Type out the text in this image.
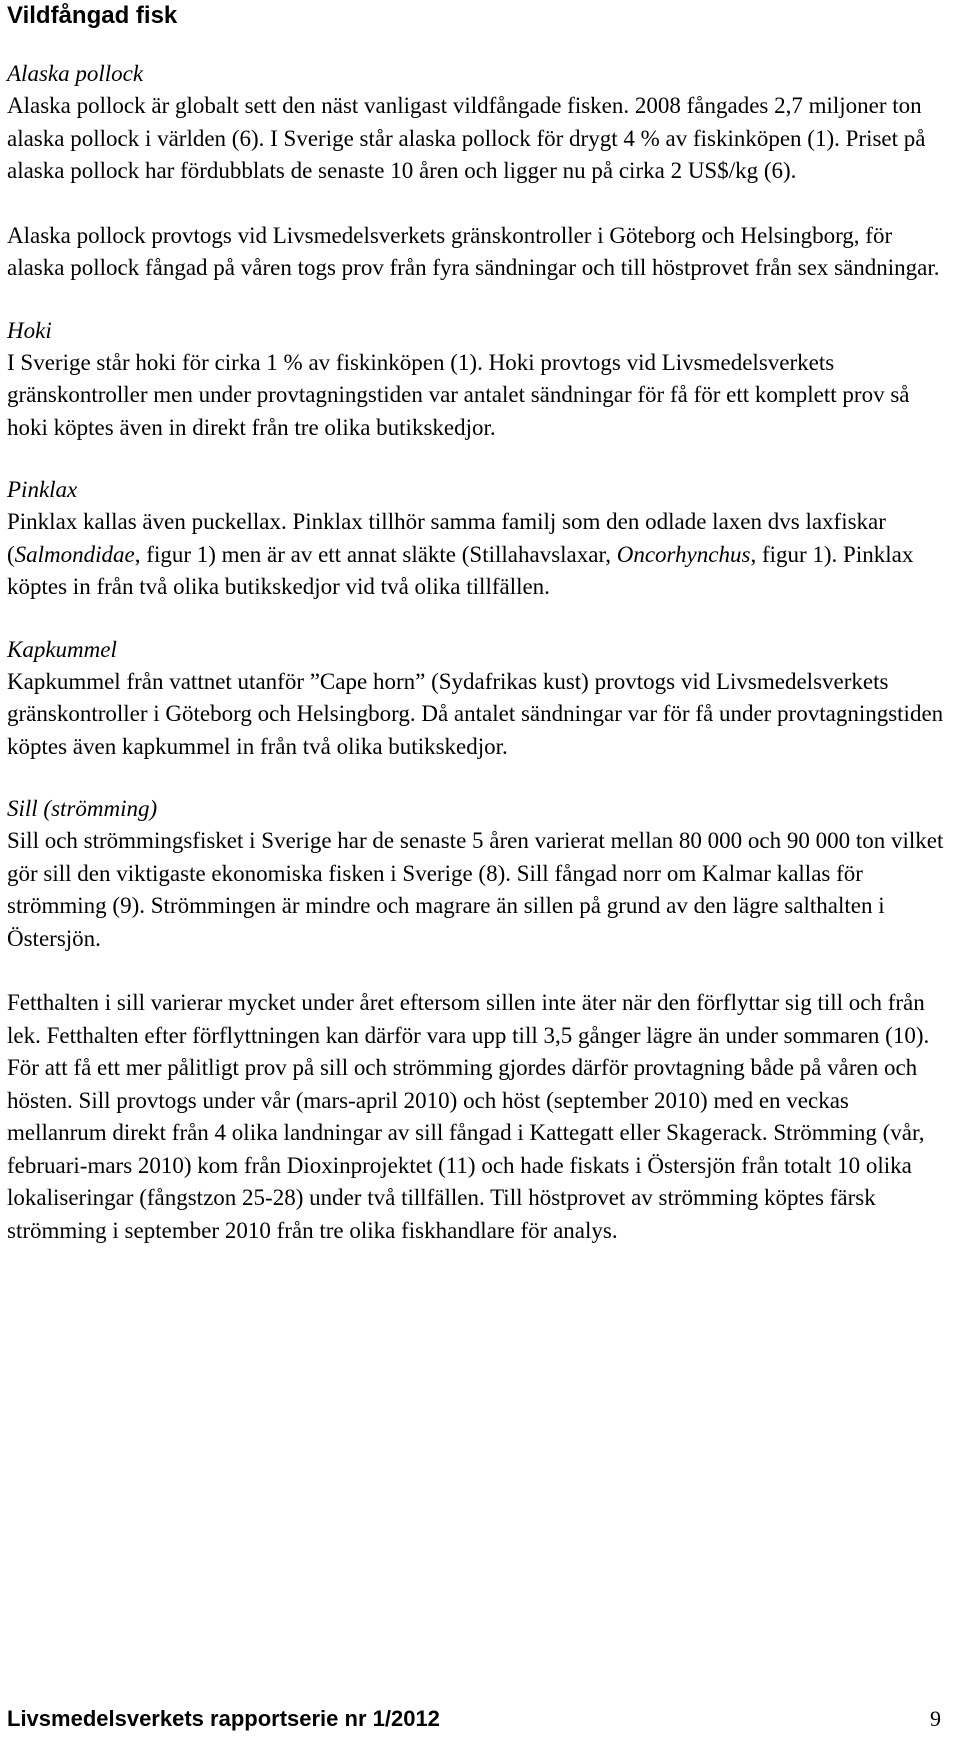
Vildfångad fisk
Alaska pollock

Alaska pollock är globalt sett den näst vanligast vildfångade fisken. 2008 fångades 2,7 miljoner ton alaska pollock i världen (6). I Sverige står alaska pollock för drygt 4 % av fiskinköpen (1). Priset på alaska pollock har fördubblats de senaste 10 åren och ligger nu på cirka 2 US$/kg (6).

Alaska pollock provtogs vid Livsmedelsverkets gränskontroller i Göteborg och Helsingborg, för alaska pollock fångad på våren togs prov från fyra sändningar och till höstprovet från sex sändningar.

Hoki

I Sverige står hoki för cirka 1 % av fiskinköpen (1). Hoki provtogs vid Livsmedelsverkets gränskontroller men under provtagningstiden var antalet sändningar för få för ett komplett prov så hoki köptes även in direkt från tre olika butikskedjor.

Pinklax

Pinklax kallas även puckellax. Pinklax tillhör samma familj som den odlade laxen dvs laxfiskar (Salmondidae, figur 1) men är av ett annat släkte (Stillahavslaxar, Oncorhynchus, figur 1). Pinklax köptes in från två olika butikskedjor vid två olika tillfällen.

Kapkummel

Kapkummel från vattnet utanför ”Cape horn” (Sydafrikas kust) provtogs vid Livsmedelsverkets gränskontroller i Göteborg och Helsingborg. Då antalet sändningar var för få under provtagningstiden köptes även kapkummel in från två olika butikskedjor.

Sill (strömming)

Sill och strömmingsfisket i Sverige har de senaste 5 åren varierat mellan 80 000 och 90 000 ton vilket gör sill den viktigaste ekonomiska fisken i Sverige (8). Sill fångad norr om Kalmar kallas för strömming (9). Strömmingen är mindre och magrare än sillen på grund av den lägre salthalten i Östersjön.

Fetthalten i sill varierar mycket under året eftersom sillen inte äter när den förflyttar sig till och från lek. Fetthalten efter förflyttningen kan därför vara upp till 3,5 gånger lägre än under sommaren (10). För att få ett mer pålitligt prov på sill och strömming gjordes därför provtagning både på våren och hösten. Sill provtogs under vår (mars-april 2010) och höst (september 2010) med en veckas mellanrum direkt från 4 olika landningar av sill fångad i Kattegatt eller Skagerack. Strömming (vår, februari-mars 2010) kom från Dioxinprojektet (11) och hade fiskats i Östersjön från totalt 10 olika lokaliseringar (fångstzon 25-28) under två tillfällen. Till höstprovet av strömming köptes färsk strömming i september 2010 från tre olika fiskhandlare för analys.

Livsmedelsverkets rapportserie nr 1/2012	9
